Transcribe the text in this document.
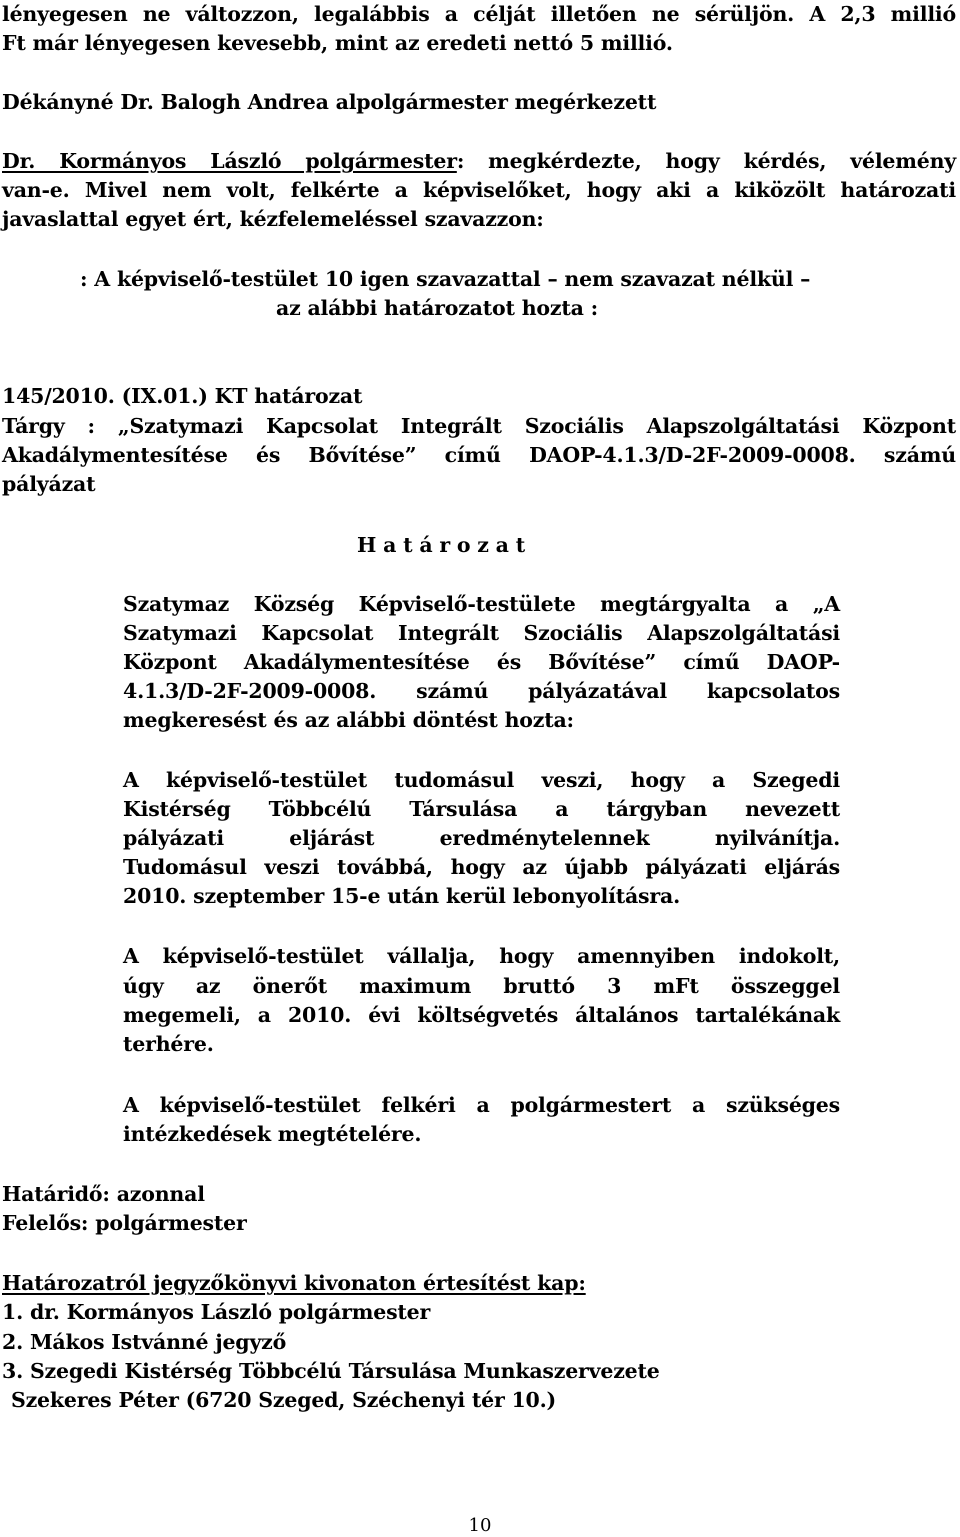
lényegesen ne változzon, legalábbis a célját illetően ne sérüljön. A 2,3 millió
Ft már lényegesen kevesebb, mint az eredeti nettó 5 millió.
Dékányné Dr. Balogh Andrea alpolgármester megérkezett
Dr. Kormányos László polgármester: megkérdezte, hogy kérdés, vélemény
van-e. Mivel nem volt, felkérte a képviselőket, hogy aki a kiközölt határozati
javaslattal egyet ért, kézfelemeléssel szavazzon:
: A képviselő-testület 10 igen szavazattal – nem szavazat nélkül –
az alábbi határozatot hozta :
145/2010. (IX.01.) KT határozat
Tárgy : „Szatymazi Kapcsolat Integrált Szociális Alapszolgáltatási Központ
Akadálymentesítése és Bővítése” című DAOP-4.1.3/D-2F-2009-0008. számú
pályázat
H a t á r o z a t
Szatymaz Község Képviselő-testülete megtárgyalta a „A
Szatymazi Kapcsolat Integrált Szociális Alapszolgáltatási
Központ Akadálymentesítése és Bővítése” című DAOP-
4.1.3/D-2F-2009-0008. számú pályázatával kapcsolatos
megkeresést és az alábbi döntést hozta:
A képviselő-testület tudomásul veszi, hogy a Szegedi
Kistérség Többcélú Társulása a tárgyban nevezett
pályázati eljárást eredménytelennek nyilvánítja.
Tudomásul veszi továbbá, hogy az újabb pályázati eljárás
2010. szeptember 15-e után kerül lebonyolításra.
A képviselő-testület vállalja, hogy amennyiben indokolt,
úgy az önerőt maximum bruttó 3 mFt összeggel
megemeli, a 2010. évi költségvetés általános tartalékának
terhére.
A képviselő-testület felkéri a polgármestert a szükséges
intézkedések megtételére.
Határidő: azonnal
Felelős: polgármester
Határozatról jegyzőkönyvi kivonaton értesítést kap:
1. dr. Kormányos László polgármester
2. Mákos Istvánné jegyző
3. Szegedi Kistérség Többcélú Társulása Munkaszervezete
Szekeres Péter (6720 Szeged, Széchenyi tér 10.)
10
